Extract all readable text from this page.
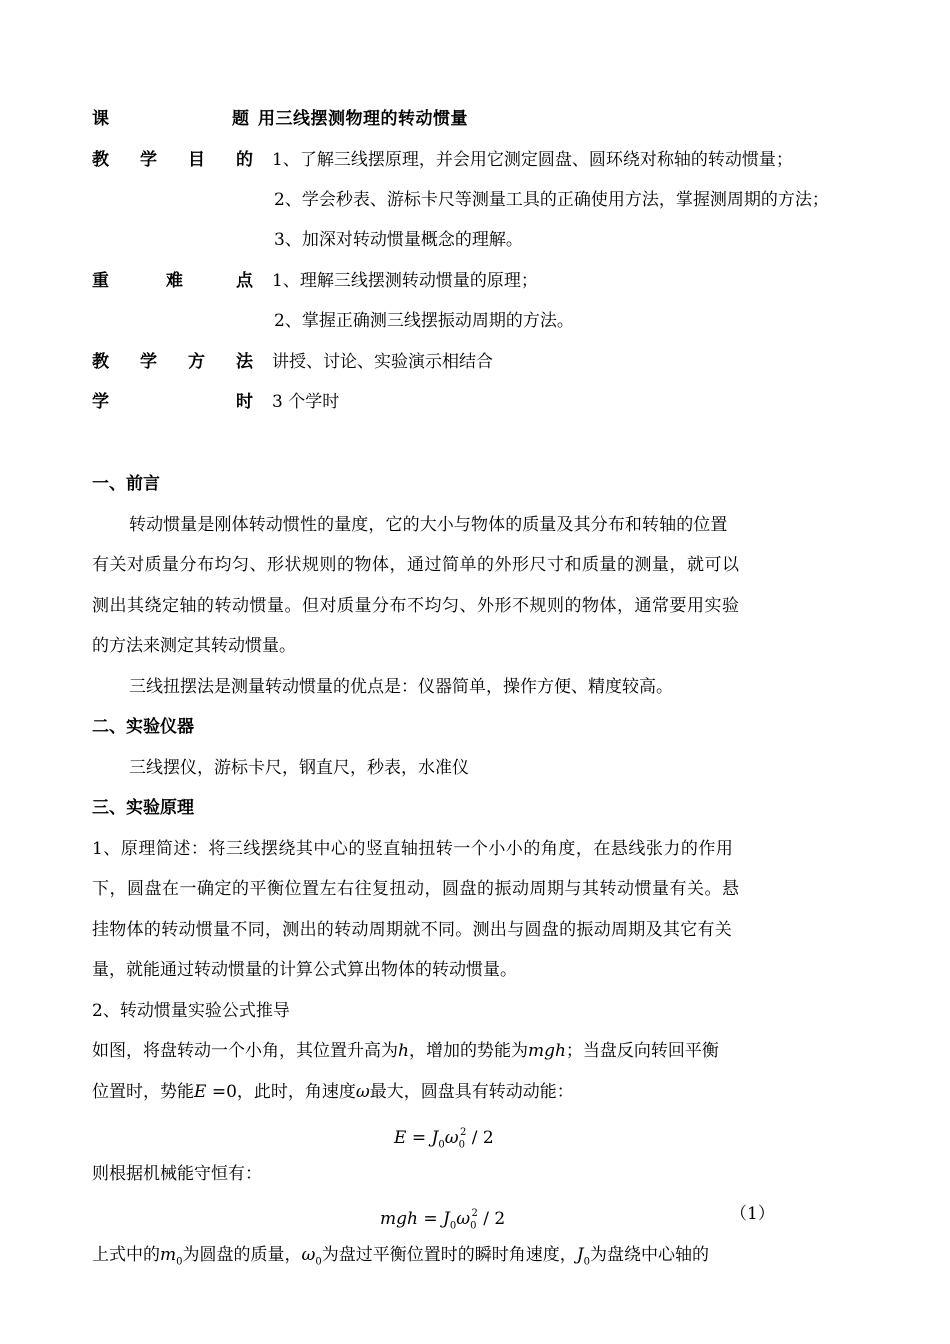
课	题 用三线摆测物理的转动惯量
教 学 目 的 1、了解三线摆原理，并会用它测定圆盘、圆环绕对称轴的转动惯量；
2、学会秒表、游标卡尺等测量工具的正确使用方法，掌握测周期的方法；
3、加深对转动惯量概念的理解。
重	难	点 1、理解三线摆测转动惯量的原理；
2、掌握正确测三线摆振动周期的方法。
教 学 方 法 讲授、讨论、实验演示相结合
学	时 3 个学时
一、前言
转动惯量是刚体转动惯性的量度，它的大小与物体的质量及其分布和转轴的位置
有关对质量分布均匀、形状规则的物体，通过简单的外形尺寸和质量的测量，就可以
测出其绕定轴的转动惯量。但对质量分布不均匀、外形不规则的物体，通常要用实验
的方法来测定其转动惯量。
三线扭摆法是测量转动惯量的优点是：仪器简单，操作方便、精度较高。
二、实验仪器
三线摆仪，游标卡尺，钢直尺，秒表，水准仪
三、实验原理
1、原理简述：将三线摆绕其中心的竖直轴扭转一个小小的角度，在悬线张力的作用
下，圆盘在一确定的平衡位置左右往复扭动，圆盘的振动周期与其转动惯量有关。悬
挂物体的转动惯量不同，测出的转动周期就不同。测出与圆盘的振动周期及其它有关
量，就能通过转动惯量的计算公式算出物体的转动惯量。
2、转动惯量实验公式推导
如图，将盘转动一个小角，其位置升高为h，增加的势能为mgh；当盘反向转回平衡
位置时，势能E =0，此时，角速度ω最大，圆盘具有转动动能：
$E = J_0\omega_0^2 / 2$
则根据机械能守恒有：
mgh = $J_0\omega_0^2 / 2$	（1）
上式中的$m_0$为圆盘的质量，$\omega_0$为盘过平衡位置时的瞬时角速度，$J_0$为盘绕中心轴的
